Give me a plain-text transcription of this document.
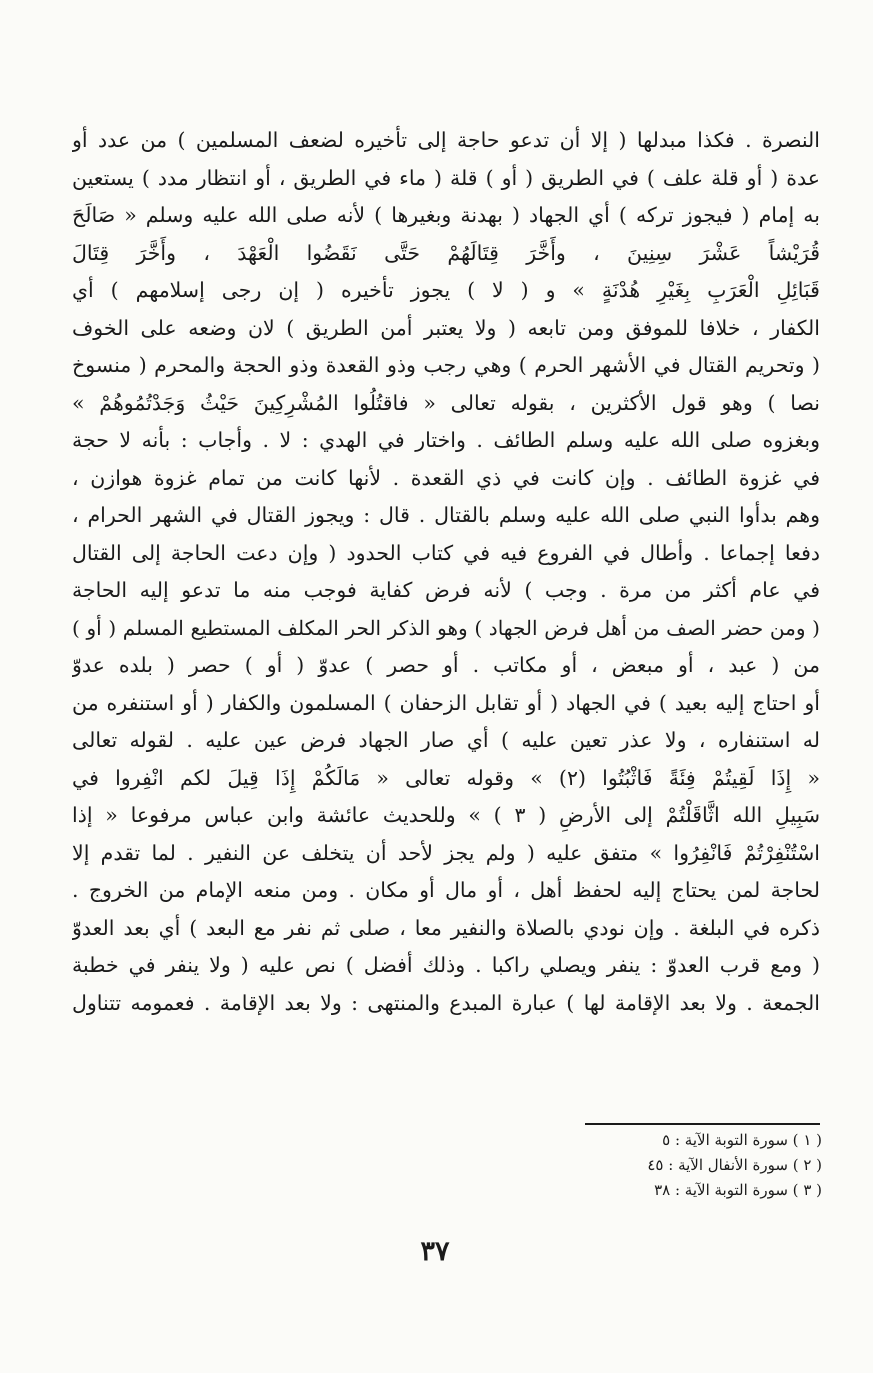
النصرة . فكذا مبدلها ( إلا أن تدعو حاجة إلى تأخيره لضعف المسلمين ) من عدد أو
عدة ( أو قلة علف ) في الطريق ( أو ) قلة ( ماء في الطريق ، أو انتظار مدد ) يستعين
به إمام ( فيجوز تركه ) أي الجهاد ( بهدنة وبغيرها ) لأنه صلى الله عليه وسلم « صَالَحَ
قُرَيْشاً عَشْرَ سِنِينَ ، وأَخَّرَ قِتَالَهُمْ حَتَّى نَقَضُوا الْعَهْدَ ، وأَخَّرَ قِتَالَ
قَبَائِلِ الْعَرَبِ بِغَيْرِ هُدْنَةٍ » و ( لا ) يجوز تأخيره ( إن رجى إسلامهم ) أي
الكفار ، خلافا للموفق ومن تابعه ( ولا يعتبر أمن الطريق ) لان وضعه على الخوف
( وتحريم القتال في الأشهر الحرم ) وهي رجب وذو القعدة وذو الحجة والمحرم ( منسوخ
نصا ) وهو قول الأكثرين ، بقوله تعالى « فاقتُلُوا المُشْرِكِينَ حَيْثُ وَجَدْتُمُوهُمْ »
وبغزوه صلى الله عليه وسلم الطائف . واختار في الهدي : لا . وأجاب : بأنه لا حجة
في غزوة الطائف . وإن كانت في ذي القعدة . لأنها كانت من تمام غزوة هوازن ،
وهم بدأوا النبي صلى الله عليه وسلم بالقتال . قال : ويجوز القتال في الشهر الحرام ،
دفعا إجماعا . وأطال في الفروع فيه في كتاب الحدود ( وإن دعت الحاجة إلى القتال
في عام أكثر من مرة . وجب ) لأنه فرض كفاية فوجب منه ما تدعو إليه الحاجة
( ومن حضر الصف من أهل فرض الجهاد ) وهو الذكر الحر المكلف المستطيع المسلم ( أو )
من ( عبد ، أو مبعض ، أو مكاتب . أو حصر ) عدوّ ( أو ) حصر ( بلده عدوّ
أو احتاج إليه بعيد ) في الجهاد ( أو تقابل الزحفان ) المسلمون والكفار ( أو استنفره من
له استنفاره ، ولا عذر تعين عليه ) أي صار الجهاد فرض عين عليه . لقوله تعالى
« إِذَا لَقِيتُمْ فِئَةً فَاثْبُتُوا (٢) » وقوله تعالى « مَالَكُمْ إِذَا قِيلَ لكم انْفِروا في
سَبِيلِ الله اثَّاقَلْتُمْ إلى الأرضِ ( ٣ ) » وللحديث عائشة وابن عباس مرفوعا « إذا
اسْتُنْفِرْتُمْ فَانْفِرُوا » متفق عليه ( ولم يجز لأحد أن يتخلف عن النفير . لما تقدم إلا
لحاجة لمن يحتاج إليه لحفظ أهل ، أو مال أو مكان . ومن منعه الإمام من الخروج .
ذكره في البلغة . وإن نودي بالصلاة والنفير معا ، صلى ثم نفر مع البعد ) أي بعد العدوّ
( ومع قرب العدوّ : ينفر ويصلي راكبا . وذلك أفضل ) نص عليه ( ولا ينفر في خطبة
الجمعة . ولا بعد الإقامة لها ) عبارة المبدع والمنتهى : ولا بعد الإقامة . فعمومه تتناول
( ١ ) سورة التوبة الآية : ٥
( ٢ ) سورة الأنفال الآية : ٤٥
( ٣ ) سورة التوبة الآية : ٣٨
٣٧
